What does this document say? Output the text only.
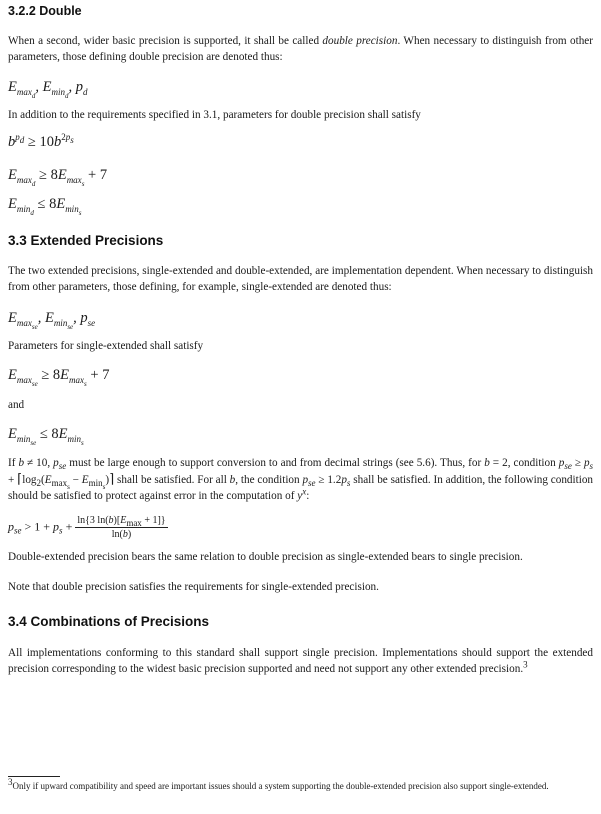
3.2.2 Double

When a second, wider basic precision is supported, it shall be called double precision. When necessary to distinguish from other parameters, those defining double precision are denoted thus:

$E_{max_d}$, $E_{min_d}$, $p_d$

In addition to the requirements specified in 3.1, parameters for double precision shall satisfy

$b^{p_d} \ge 10b^{2p_s}$
$E_{max_d} \ge 8E_{max_s} + 7$
$E_{min_d} \le 8E_{min_s}$
3.3 Extended Precisions

The two extended precisions, single-extended and double-extended, are implementation dependent. When necessary to distinguish from other parameters, those defining, for example, single-extended are denoted thus:

$E_{max_{se}}$, $E_{min_{se}}$, $p_{se}$

Parameters for single-extended shall satisfy

$E_{max_{se}} \ge 8E_{max_s} + 7$

and

$E_{min_{se}} \le 8E_{min_s}$

If b ≠ 10, $p_{se}$ must be large enough to support conversion to and from decimal strings (see 5.6). Thus, for b = 2, condition $p_{se} \ge p_s$ + $⌈\log_2(E_{max_s}$ − $E_{min_s})⌉$ shall be satisfied. For all b, the condition $p_{se} \ge 1.2p_s$ shall be satisfied. In addition, the following condition should be satisfied to protect against error in the computation of $y^x$:

$p_{se} > 1 + p_s + \frac{\ln\{3 \ln(b)[E_{max} + 1]\}}{\ln(b)}$

Double-extended precision bears the same relation to double precision as single-extended bears to single precision.

Note that double precision satisfies the requirements for single-extended precision.

3.4 Combinations of Precisions

All implementations conforming to this standard shall support single precision. Implementations should support the extended precision corresponding to the widest basic precision supported and need not support any other extended precision.$^3$

$^3$Only if upward compatibility and speed are important issues should a system supporting the double-extended precision also support single-extended.
